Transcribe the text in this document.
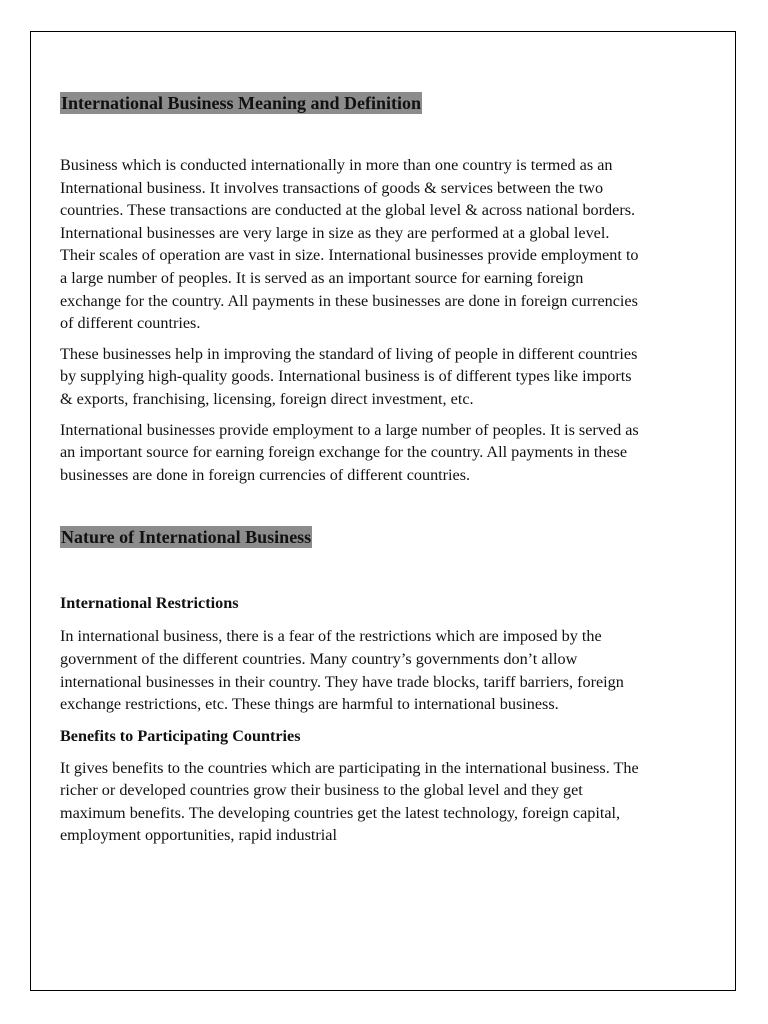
International Business Meaning and Definition

Business which is conducted internationally in more than one country is termed as an International business. It involves transactions of goods & services between the two countries. These transactions are conducted at the global level & across national borders. International businesses are very large in size as they are performed at a global level. Their scales of operation are vast in size. International businesses provide employment to a large number of peoples. It is served as an important source for earning foreign exchange for the country. All payments in these businesses are done in foreign currencies of different countries.

These businesses help in improving the standard of living of people in different countries by supplying high-quality goods. International business is of different types like imports & exports, franchising, licensing, foreign direct investment, etc.

International businesses provide employment to a large number of peoples. It is served as an important source for earning foreign exchange for the country. All payments in these businesses are done in foreign currencies of different countries.

Nature of International Business
International Restrictions

In international business, there is a fear of the restrictions which are imposed by the government of the different countries. Many country’s governments don’t allow international businesses in their country. They have trade blocks, tariff barriers, foreign exchange restrictions, etc. These things are harmful to international business.

Benefits to Participating Countries

It gives benefits to the countries which are participating in the international business. The richer or developed countries grow their business to the global level and they get maximum benefits. The developing countries get the latest technology, foreign capital, employment opportunities, rapid industrial
